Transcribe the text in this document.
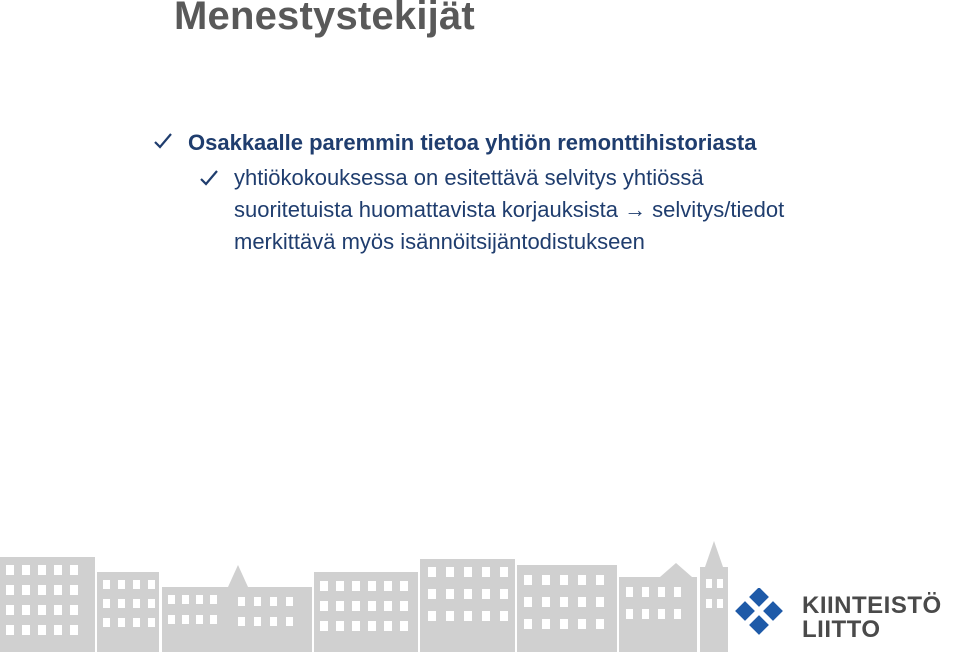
Menestystekijät
Osakkaalle paremmin tietoa yhtiön remonttihistoriasta
yhtiökokouksessa on esitettävä selvitys yhtiössä
suoritetuista huomattavista korjauksista → selvitys/tiedot
merkittävä myös isännöitsijäntodistukseen
KIINTEISTÖ
LIITTO
